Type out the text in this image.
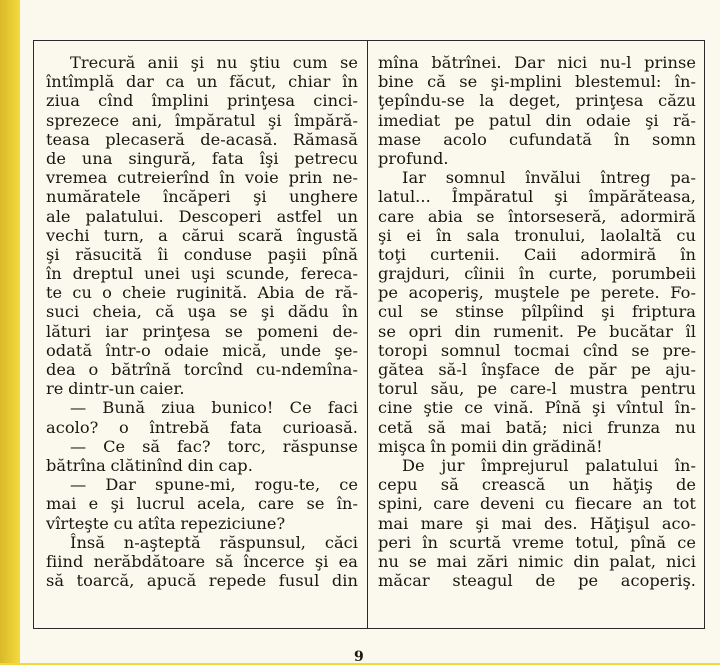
Trecură anii şi nu ştiu cum se
întîmplă dar ca un făcut, chiar în
ziua cînd împlini prinţesa cinci-
sprezece ani, împăratul şi împără-
teasa plecaseră de-acasă. Rămasă
de una singură, fata îşi petrecu
vremea cutreierînd în voie prin ne-
număratele încăperi şi unghere
ale palatului. Descoperi astfel un
vechi turn, a cărui scară îngustă
şi răsucită îi conduse paşii pînă
în dreptul unei uşi scunde, fereca-
te cu o cheie ruginită. Abia de ră-
suci cheia, că uşa se şi dădu în
lături iar prinţesa se pomeni de-
odată într-o odaie mică, unde şe-
dea o bătrînă torcînd cu-ndemîna-
re dintr-un caier.
— Bună ziua bunico! Ce faci
acolo? o întrebă fata curioasă.
— Ce să fac? torc, răspunse
bătrîna clătinînd din cap.
— Dar spune-mi, rogu-te, ce
mai e şi lucrul acela, care se în-
vîrteşte cu atîta repeziciune?
Însă n-aşteptă răspunsul, căci
fiind nerăbdătoare să încerce şi ea
să toarcă, apucă repede fusul din
mîna bătrînei. Dar nici nu-l prinse
bine că se şi-mplini blestemul: în-
ţepîndu-se la deget, prinţesa căzu
imediat pe patul din odaie şi ră-
mase acolo cufundată în somn
profund.
Iar somnul învălui întreg pa-
latul... Împăratul şi împărăteasa,
care abia se întorseseră, adormiră
şi ei în sala tronului, laolaltă cu
toţi curtenii. Caii adormiră în
grajduri, cîinii în curte, porumbeii
pe acoperiş, muştele pe perete. Fo-
cul se stinse pîlpîind şi friptura
se opri din rumenit. Pe bucătar îl
toropi somnul tocmai cînd se pre-
gătea să-l înşface de păr pe aju-
torul său, pe care-l mustra pentru
cine ştie ce vină. Pînă şi vîntul în-
cetă să mai bată; nici frunza nu
mişca în pomii din grădină!
De jur împrejurul palatului în-
cepu să crească un hăţiş de
spini, care deveni cu fiecare an tot
mai mare şi mai des. Hăţişul aco-
peri în scurtă vreme totul, pînă ce
nu se mai zări nimic din palat, nici
măcar steagul de pe acoperiş.
9
